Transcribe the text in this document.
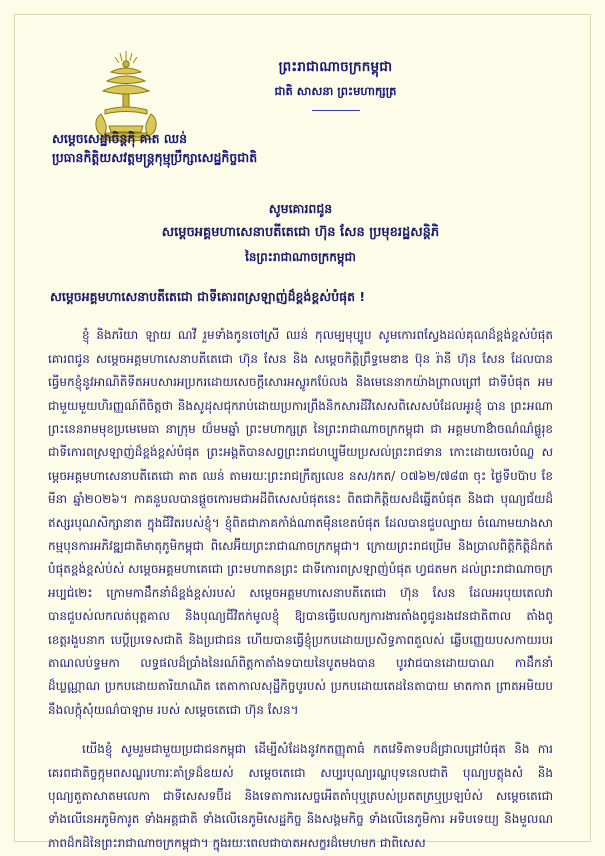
ព្រះរាជាណាចក្រកម្ពុជា
ជាតិ សាសនា ព្រះមហាក្សត្រ
សម្តេចសេដ្ឋាចិន្តកុិ គាត ឈន់
ប្រធានកិត្តិយសវត្តមន្ត្រកុម្មុប្រឹក្សាសេដ្ឋកិច្ចជាតិ
សូមគោរពជូន
សម្តេចអគ្គមហាសេនាបតីតេជោ ហ៊ុន សែន ប្រមុខរដ្ឋសន្តិភិ
នៃព្រះរាជាណាចក្រកម្ពុជា
សម្តេចអគ្គមហាសេនាបតីតេជោ ជាទីគោរពស្រឡាញ់ដ៏ខ្ពង់ខ្ពស់បំផុត !

ខ្ញុំ និងភរិយា ឡាយ ណវី រួមទាំងកូនចៅស្រី ឈន់ កុលម្បមុប្បូប សូមកោរពស្វែងដល់គុណដ៏ខ្ពង់ខ្ពស់បំផុតគោរពជូន សម្តេចអគ្គមហាសេនាបតីតេជោ ហ៊ុន សែន និង សម្តេចកិត្តិព្រឹទ្ធមេឌាឌ ប៊ុន រ៉ានី ហ៊ុន សែន ដែលបានធ្វើមកខ្ញុំនូវអាណិតិទីតអបសារអប្រករដោយសេចក្តីសោរអស្ចូរកប៉ែលង និងមេនេនាកយ៉ាងព្រាលព្រៅ ជាទីបំផុត អមជាមួយមួយហិរញ្ញណ៍ពីចិត្តថា និងសូដុសជុករាប់ដោយប្រការព្រឹងនិកសារដីវិសេសពិសេសបំដែលអូរខ្ញុំ បាន ព្រះអណាព្រះនេនរាមមុខប្រមេមេធា នាក្រុម យ៏មមឆ្នាំ ព្រះមហាក្សត្រ នៃព្រះរាជាណាចក្រកម្ពុជា ជា អគ្គមហាឱ៌ាចណ៌ណ៌ផ្លូរុខ ជាទីកោរពស្រឡាញ់ដ៏ខ្ពង់ខ្ពស់បំផុត ព្រះអង្គតិបានសព្វព្រះរាជហប្បូមីយប្រសល់ព្រះរាជទាន កោះដោយចេរបំណ្ខ សម្តេចអគ្គមហាសេនាបតីតេជោ គាត ឈន់ តាមរយៈព្រះរាជក្រឹត្យលេខ នស/រកត/ ០៧៦២/៧៨៣ ចុះ ថ្ងៃទីបប៊ាប ខែមីនា ឆ្នាំ២០២៦។ កាគនួបលបានផ្តួចកោរមជាអដីពិសេសបំផុតនេះ ពិតជាកិត្តិយសដ៏ឆ្នើតបំផុត និងជា បុណ្យជ័យដ៏ឥស្សរបុណសិក្សានាត ក្នុងជីវិតរបស់ខ្ញុំ។ ខ្ញុំពិតជាភាគកាំង់ណាតម៉ឺនខេតបំផុត ដែលបានជួបល្បាយ ចំណោមយាងសាកម្មបុនការអភិវឌ្ឍជាតិមាតុភូមិកម្ពុជា ពិសេអ៊ីយព្រះរាជាណាចក្រកម្ពុជា។ ក្រោយព្រះរាជប្រើម និងប្រាលពិត្តិកិត្តិដ៏កត់់បំផុតខ្ពង់ខ្ពស់់ប់់ស់ សម្តេចអគ្គមហាគេជោ ព្រះមហាតនព្រះ ជាទីកោរពស្រឡាញ់់បំផុត ហ្វជតមក ដល់ព្រះរាជាណាចក្រអប្បជ់២េះ ក្រោមកាដ៌ឹកនាំដ៏ខ្ពង់ខ្ពស់របស់ សម្តេចអគ្គមហាសេនាបតីតេជោ ហ៊ុន សែន ដែលអរបុយតេលវា បានជួបស់លកលត់បុត្តគាល និងបុណ្យជីវិតក់មូលខ្ញុំ ឱ្យបានធ្វើបេលក្យការងារតាំងពូជូនរងវេនជាតិពាល តាំងពូខេត្តរងួបនាក បេប្តីប្រទេសជាតិ និងប្រជាជន ហើយបានធ្វើខ្ញុំប្រកបដោយប្រសិទ្ធភាពតួលស់ ឆ្លើបញ្ញេយបសកាយរបរ តាណលប់ទ្ធមកា លទ្ធផលដ៏ប្រាំងនៃរណ៍ពិត្តកាតាំងទបាយនៃបូតមងបាន បូរវាជបានដោយបាណ កាដ៌ឹកនាំដ៏ឃ្លណ្ណាណ ប្រកបដោយតារិយាណិត តេតាកាលសុដ្ឋីកិច្ចបូរបស់់ ប្រកបដោយតេដនៃតាបាយ មាតកាត ព្រាតអមិយប នឹងលក្កុំសុំយណ៌បាឡាម របស់ សម្តេចតេជោ ហ៊ុន សែន។

យើងខ្ញុំ សូមរួមជាមួយប្រជាជនកម្ពុជា ដើម្បីសំដែងនូវកតញ្ញុតាធំ កតវេទិតាទបដ៏ជ្រាលជ្រៅបំផុត និង ការគេរពជាតិច្ចក្កុមពសណ្ហរហារៈគាំទ្រដ៏ឧយស់់ សម្តេចតេជោ សប្បរបុណ្យរណ្ហបុទនេលជាតិ បុណ្យបត្តុងសំ និងបុណ្យតួតាសាតមលេកា ជាទីសេសទប៊ីដ និងទេតាការសេច្ចអើតតាំបុឬត្របស់ប្រតតត្រឬប្រឡបំស់ សម្តេចតេជោ ទាំងលើនេអភូមិការូត ទាំងអគ្គជាតិ ទាំងលើនេភូមិសេដ្ឋកិច្ច និងសង្គមកិច្ច ទាំងលើនេភូមិការ អទិបទេយ្យ និងមួលណភាពដ៏កដិនៃព្រះរាជាណាចក្រកម្ពុជា។ ក្នុងរយៈពេលជាបាតអសក្ខរដ៏មេហមក ជាពិសេស
